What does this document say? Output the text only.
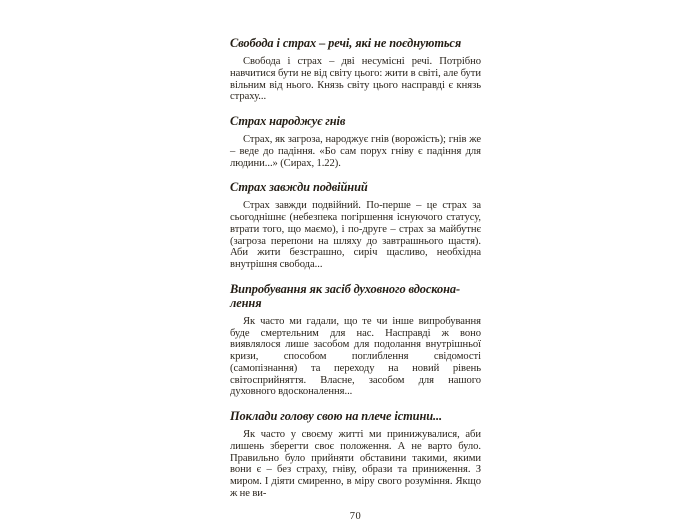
Свобода і страх – речі, які не поєднуються

Свобода і страх – дві несумісні речі. Потрібно навчитися бути не від світу цього: жити в світі, але бути вільним від нього. Князь світу цього насправді є князь страху...

Страх народжує гнів

Страх, як загроза, народжує гнів (ворожість); гнів же – веде до падіння. «Бо сам порух гніву є падіння для людини...» (Сирах, 1.22).

Страх завжди подвійний

Страх завжди подвійний. По-перше – це страх за сьогоднішнє (небезпека погіршення існуючого статусу, втрати того, що маємо), і по-друге – страх за майбутнє (загроза перепони на шляху до завтрашнього щастя). Аби жити безстрашно, сиріч щасливо, необхідна внутрішня свобода...

Випробування як засіб духовного вдосконалення

Як часто ми гадали, що те чи інше випробування буде смертельним для нас. Насправді ж воно виявлялося лише засобом для подолання внутрішньої кризи, способом поглиблення свідомості (самопізнання) та переходу на новий рівень світосприйняття. Власне, засобом для нашого духовного вдосконалення...

Поклади голову свою на плече істини...

Як часто у своєму житті ми принижувалися, аби лишень зберегти своє положення. А не варто було. Правильно було прийняти обставини такими, якими вони є – без страху, гніву, образи та приниження. З миром. І діяти смиренно, в міру свого розуміння. Якщо ж не ви-

70
